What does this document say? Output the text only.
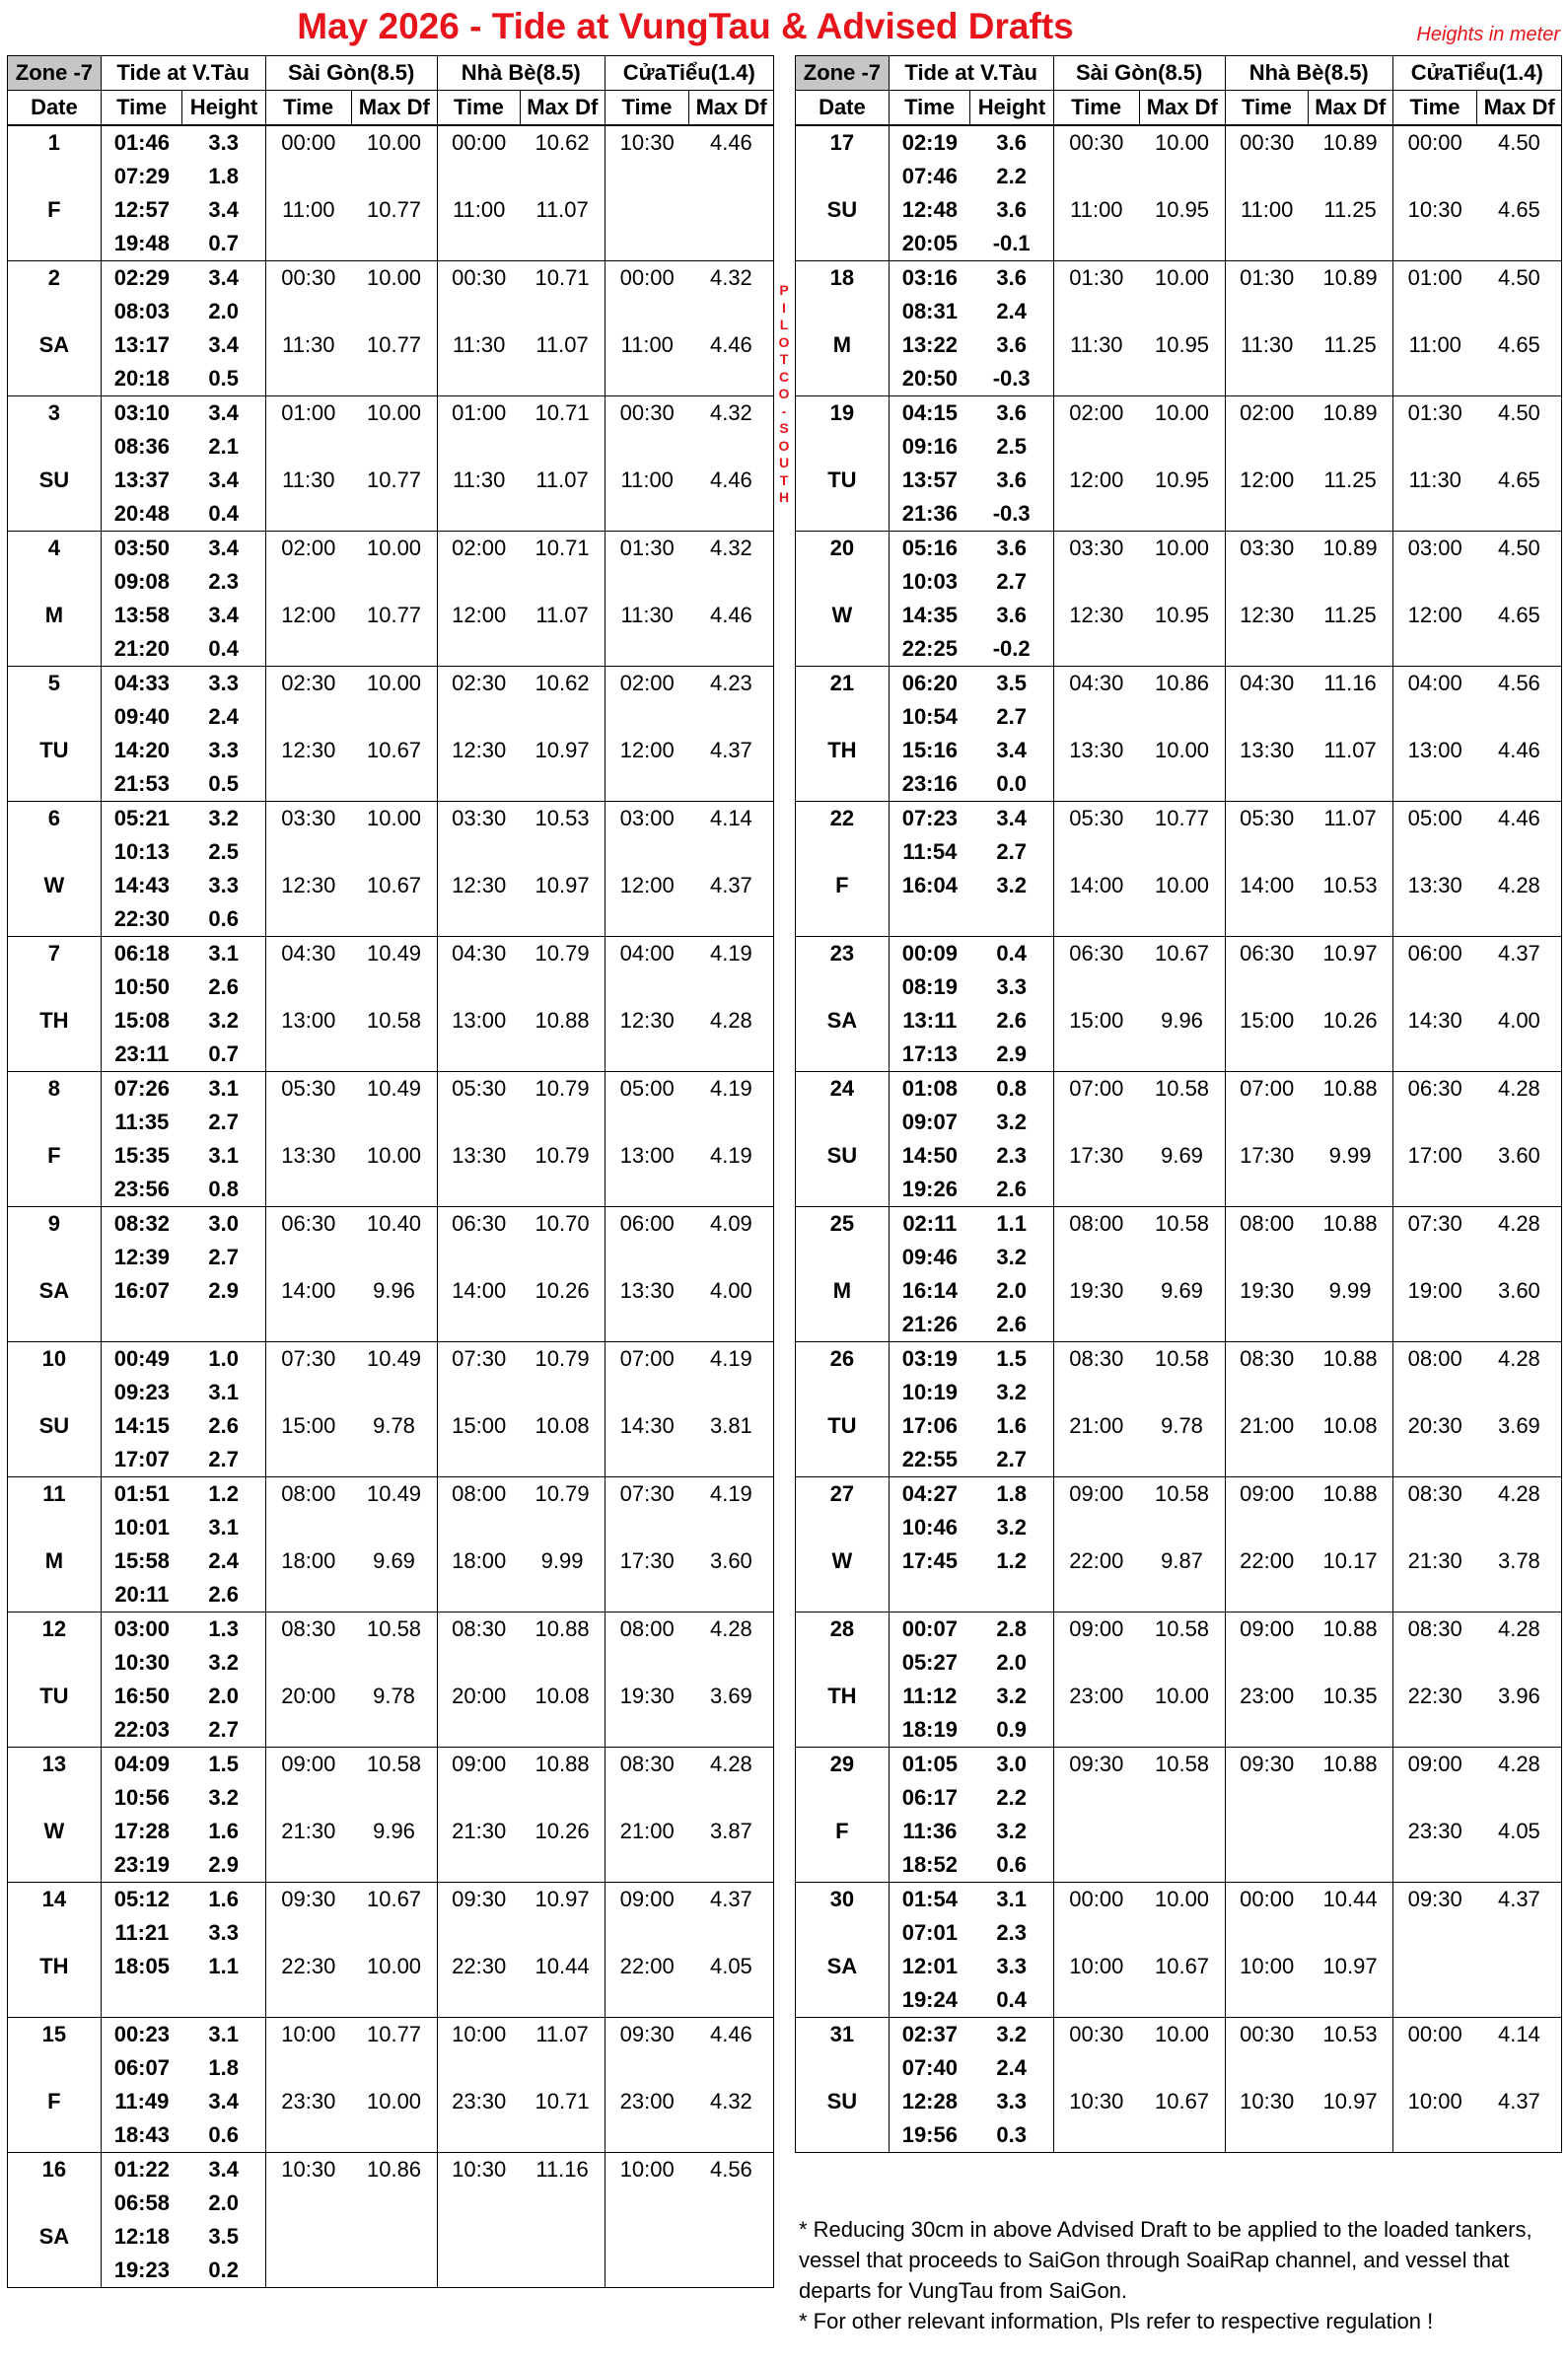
May 2026 - Tide at VungTau & Advised Drafts	Heights in meter
Zone -7	Tide at V.Tàu		Sài Gòn(8.5)		Nhà Bè(8.5)		CửaTiểu(1.4)	
Date	Time	Height	Time	Max Df	Time	Max Df	Time	Max Df
1	01:46	3.3	00:00	10.00	00:00	10.62	10:30	4.46
	07:29	1.8						
F	12:57	3.4	11:00	10.77	11:00	11.07		
	19:48	0.7						
2	02:29	3.4	00:30	10.00	00:30	10.71	00:00	4.32
	08:03	2.0						
SA	13:17	3.4	11:30	10.77	11:30	11.07	11:00	4.46
	20:18	0.5						
3	03:10	3.4	01:00	10.00	01:00	10.71	00:30	4.32
	08:36	2.1						
SU	13:37	3.4	11:30	10.77	11:30	11.07	11:00	4.46
	20:48	0.4						
4	03:50	3.4	02:00	10.00	02:00	10.71	01:30	4.32
	09:08	2.3						
M	13:58	3.4	12:00	10.77	12:00	11.07	11:30	4.46
	21:20	0.4						
5	04:33	3.3	02:30	10.00	02:30	10.62	02:00	4.23
	09:40	2.4						
TU	14:20	3.3	12:30	10.67	12:30	10.97	12:00	4.37
	21:53	0.5						
6	05:21	3.2	03:30	10.00	03:30	10.53	03:00	4.14
	10:13	2.5						
W	14:43	3.3	12:30	10.67	12:30	10.97	12:00	4.37
	22:30	0.6						
7	06:18	3.1	04:30	10.49	04:30	10.79	04:00	4.19
	10:50	2.6						
TH	15:08	3.2	13:00	10.58	13:00	10.88	12:30	4.28
	23:11	0.7						
8	07:26	3.1	05:30	10.49	05:30	10.79	05:00	4.19
	11:35	2.7						
F	15:35	3.1	13:30	10.00	13:30	10.79	13:00	4.19
	23:56	0.8						
9	08:32	3.0	06:30	10.40	06:30	10.70	06:00	4.09
	12:39	2.7						
SA	16:07	2.9	14:00	9.96	14:00	10.26	13:30	4.00

10	00:49	1.0	07:30	10.49	07:30	10.79	07:00	4.19
	09:23	3.1						
SU	14:15	2.6	15:00	9.78	15:00	10.08	14:30	3.81
	17:07	2.7						
11	01:51	1.2	08:00	10.49	08:00	10.79	07:30	4.19
	10:01	3.1						
M	15:58	2.4	18:00	9.69	18:00	9.99	17:30	3.60
	20:11	2.6						
12	03:00	1.3	08:30	10.58	08:30	10.88	08:00	4.28
	10:30	3.2						
TU	16:50	2.0	20:00	9.78	20:00	10.08	19:30	3.69
	22:03	2.7						
13	04:09	1.5	09:00	10.58	09:00	10.88	08:30	4.28
	10:56	3.2						
W	17:28	1.6	21:30	9.96	21:30	10.26	21:00	3.87
	23:19	2.9						
14	05:12	1.6	09:30	10.67	09:30	10.97	09:00	4.37
	11:21	3.3						
TH	18:05	1.1	22:30	10.00	22:30	10.44	22:00	4.05

15	00:23	3.1	10:00	10.77	10:00	11.07	09:30	4.46
	06:07	1.8						
F	11:49	3.4	23:30	10.00	23:30	10.71	23:00	4.32
	18:43	0.6						
16	01:22	3.4	10:30	10.86	10:30	11.16	10:00	4.56
	06:58	2.0						
SA	12:18	3.5						
	19:23	0.2						
Zone -7	Tide at V.Tàu		Sài Gòn(8.5)		Nhà Bè(8.5)		CửaTiểu(1.4)	
Date	Time	Height	Time	Max Df	Time	Max Df	Time	Max Df
17	02:19	3.6	00:30	10.00	00:30	10.89	00:00	4.50
	07:46	2.2						
SU	12:48	3.6	11:00	10.95	11:00	11.25	10:30	4.65
	20:05	-0.1						
18	03:16	3.6	01:30	10.00	01:30	10.89	01:00	4.50
	08:31	2.4						
M	13:22	3.6	11:30	10.95	11:30	11.25	11:00	4.65
	20:50	-0.3						
19	04:15	3.6	02:00	10.00	02:00	10.89	01:30	4.50
	09:16	2.5						
TU	13:57	3.6	12:00	10.95	12:00	11.25	11:30	4.65
	21:36	-0.3						
20	05:16	3.6	03:30	10.00	03:30	10.89	03:00	4.50
	10:03	2.7						
W	14:35	3.6	12:30	10.95	12:30	11.25	12:00	4.65
	22:25	-0.2						
21	06:20	3.5	04:30	10.86	04:30	11.16	04:00	4.56
	10:54	2.7						
TH	15:16	3.4	13:30	10.00	13:30	11.07	13:00	4.46
	23:16	0.0						
22	07:23	3.4	05:30	10.77	05:30	11.07	05:00	4.46
	11:54	2.7						
F	16:04	3.2	14:00	10.00	14:00	10.53	13:30	4.28

23	00:09	0.4	06:30	10.67	06:30	10.97	06:00	4.37
	08:19	3.3						
SA	13:11	2.6	15:00	9.96	15:00	10.26	14:30	4.00
	17:13	2.9						
24	01:08	0.8	07:00	10.58	07:00	10.88	06:30	4.28
	09:07	3.2						
SU	14:50	2.3	17:30	9.69	17:30	9.99	17:00	3.60
	19:26	2.6						
25	02:11	1.1	08:00	10.58	08:00	10.88	07:30	4.28
	09:46	3.2						
M	16:14	2.0	19:30	9.69	19:30	9.99	19:00	3.60
	21:26	2.6						
26	03:19	1.5	08:30	10.58	08:30	10.88	08:00	4.28
	10:19	3.2						
TU	17:06	1.6	21:00	9.78	21:00	10.08	20:30	3.69
	22:55	2.7						
27	04:27	1.8	09:00	10.58	09:00	10.88	08:30	4.28
	10:46	3.2						
W	17:45	1.2	22:00	9.87	22:00	10.17	21:30	3.78

28	00:07	2.8	09:00	10.58	09:00	10.88	08:30	4.28
	05:27	2.0						
TH	11:12	3.2	23:00	10.00	23:00	10.35	22:30	3.96
	18:19	0.9						
29	01:05	3.0	09:30	10.58	09:30	10.88	09:00	4.28
	06:17	2.2						
F	11:36	3.2					23:30	4.05
	18:52	0.6						
30	01:54	3.1	00:00	10.00	00:00	10.44	09:30	4.37
	07:01	2.3						
SA	12:01	3.3	10:00	10.67	10:00	10.97		
	19:24	0.4						
31	02:37	3.2	00:30	10.00	00:30	10.53	00:00	4.14
	07:40	2.4						
SU	12:28	3.3	10:30	10.67	10:30	10.97	10:00	4.37
	19:56	0.3						
P
I
L
O
T
C
O
-
S
O
U
T
H
* Reducing 30cm in above Advised Draft to be applied to the loaded tankers, vessel that proceeds to SaiGon through SoaiRap channel, and vessel that departs for VungTau from SaiGon.
* For other relevant information, Pls refer to respective regulation !
